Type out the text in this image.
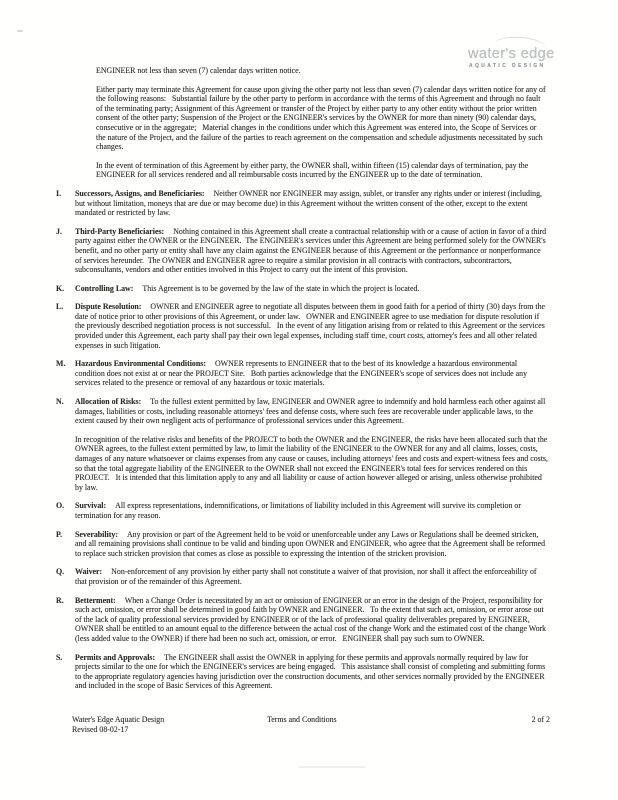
water's edge
AQUATIC DESIGN

ENGINEER not less than seven (7) calendar days written notice.

Either party may terminate this Agreement for cause upon giving the other party not less than seven (7) calendar days written notice for any of the following reasons:   Substantial failure by the other party to perform in accordance with the terms of this Agreement and through no fault of the terminating party; Assignment of this Agreement or transfer of the Project by either party to any other entity without the prior written consent of the other party; Suspension of the Project or the ENGINEER's services by the OWNER for more than ninety (90) calendar days, consecutive or in the aggregate;   Material changes in the conditions under which this Agreement was entered into, the Scope of Services or the nature of the Project, and the failure of the parties to reach agreement on the compensation and schedule adjustments necessitated by such changes.

In the event of termination of this Agreement by either party, the OWNER shall, within fifteen (15) calendar days of termination, pay the ENGINEER for all services rendered and all reimbursable costs incurred by the ENGINEER up to the date of termination.

I.	Successors, Assigns, and Beneficiaries: Neither OWNER nor ENGINEER may assign, sublet, or transfer any rights under or interest (including, but without limitation, moneys that are due or may become due) in this Agreement without the written consent of the other, except to the extent mandated or restricted by law.

J.	Third-Party Beneficiaries: Nothing contained in this Agreement shall create a contractual relationship with or a cause of action in favor of a third party against either the OWNER or the ENGINEER.  The ENGINEER's services under this Agreement are being performed solely for the OWNER's benefit, and no other party or entity shall have any claim against the ENGINEER because of this Agreement or the performance or nonperformance of services hereunder.  The OWNER and ENGINEER agree to require a similar provision in all contracts with contractors, subcontractors, subconsultants, vendors and other entities involved in this Project to carry out the intent of this provision.

K.	Controlling Law: This Agreement is to be governed by the law of the state in which the project is located.

L.	Dispute Resolution: OWNER and ENGINEER agree to negotiate all disputes between them in good faith for a period of thirty (30) days from the date of notice prior to other provisions of this Agreement, or under law.   OWNER and ENGINEER agree to use mediation for dispute resolution if the previously described negotiation process is not successful.   In the event of any litigation arising from or related to this Agreement or the services provided under this Agreement, each party shall pay their own legal expenses, including staff time, court costs, attorney's fees and all other related expenses in such litigation.

M.	Hazardous Environmental Conditions: OWNER represents to ENGINEER that to the best of its knowledge a hazardous environmental condition does not exist at or near the PROJECT Site.   Both parties acknowledge that the ENGINEER's scope of services does not include any services related to the presence or removal of any hazardous or toxic materials.

N.	Allocation of Risks: To the fullest extent permitted by law, ENGINEER and OWNER agree to indemnify and hold harmless each other against all damages, liabilities or costs, including reasonable attorneys' fees and defense costs, where such fees are recoverable under applicable laws, to the extent caused by their own negligent acts of performance of professional services under this Agreement.

In recognition of the relative risks and benefits of the PROJECT to both the OWNER and the ENGINEER, the risks have been allocated such that the OWNER agrees, to the fullest extent permitted by law, to limit the liability of the ENGINEER to the OWNER for any and all claims, losses, costs, damages of any nature whatsoever or claims expenses from any cause or causes, including attorneys' fees and costs and expert-witness fees and costs, so that the total aggregate liability of the ENGINEER to the OWNER shall not exceed the ENGINEER's total fees for services rendered on this PROJECT.   It is intended that this limitation apply to any and all liability or cause of action however alleged or arising, unless otherwise prohibited by law.

O.	Survival: All express representations, indemnifications, or limitations of liability included in this Agreement will survive its completion or termination for any reason.

P.	Severability: Any provision or part of the Agreement held to be void or unenforceable under any Laws or Regulations shall be deemed stricken, and all remaining provisions shall continue to be valid and binding upon OWNER and ENGINEER, who agree that the Agreement shall be reformed to replace such stricken provision that comes as close as possible to expressing the intention of the stricken provision.

Q.	Waiver: Non-enforcement of any provision by either party shall not constitute a waiver of that provision, nor shall it affect the enforceability of that provision or of the remainder of this Agreement.

R.	Betterment: When a Change Order is necessitated by an act or omission of ENGINEER or an error in the design of the Project, responsibility for such act, omission, or error shall be determined in good faith by OWNER and ENGINEER.   To the extent that such act, omission, or error arose out of the lack of quality professional services provided by ENGINEER or of the lack of professional quality deliverables prepared by ENGINEER, OWNER shall be entitled to an amount equal to the difference between the actual cost of the change Work and the estimated cost of the change Work (less added value to the OWNER) if there had been no such act, omission, or error.   ENGINEER shall pay such sum to OWNER.

S.	Permits and Approvals: The ENGINEER shall assist the OWNER in applying for these permits and approvals normally required by law for projects similar to the one for which the ENGINEER's services are being engaged.   This assistance shall consist of completing and submitting forms to the appropriate regulatory agencies having jurisdiction over the construction documents, and other services normally provided by the ENGINEER and included in the scope of Basic Services of this Agreement.

Water's Edge Aquatic Design
Revised 08-02-17
Terms and Conditions	2 of 2
